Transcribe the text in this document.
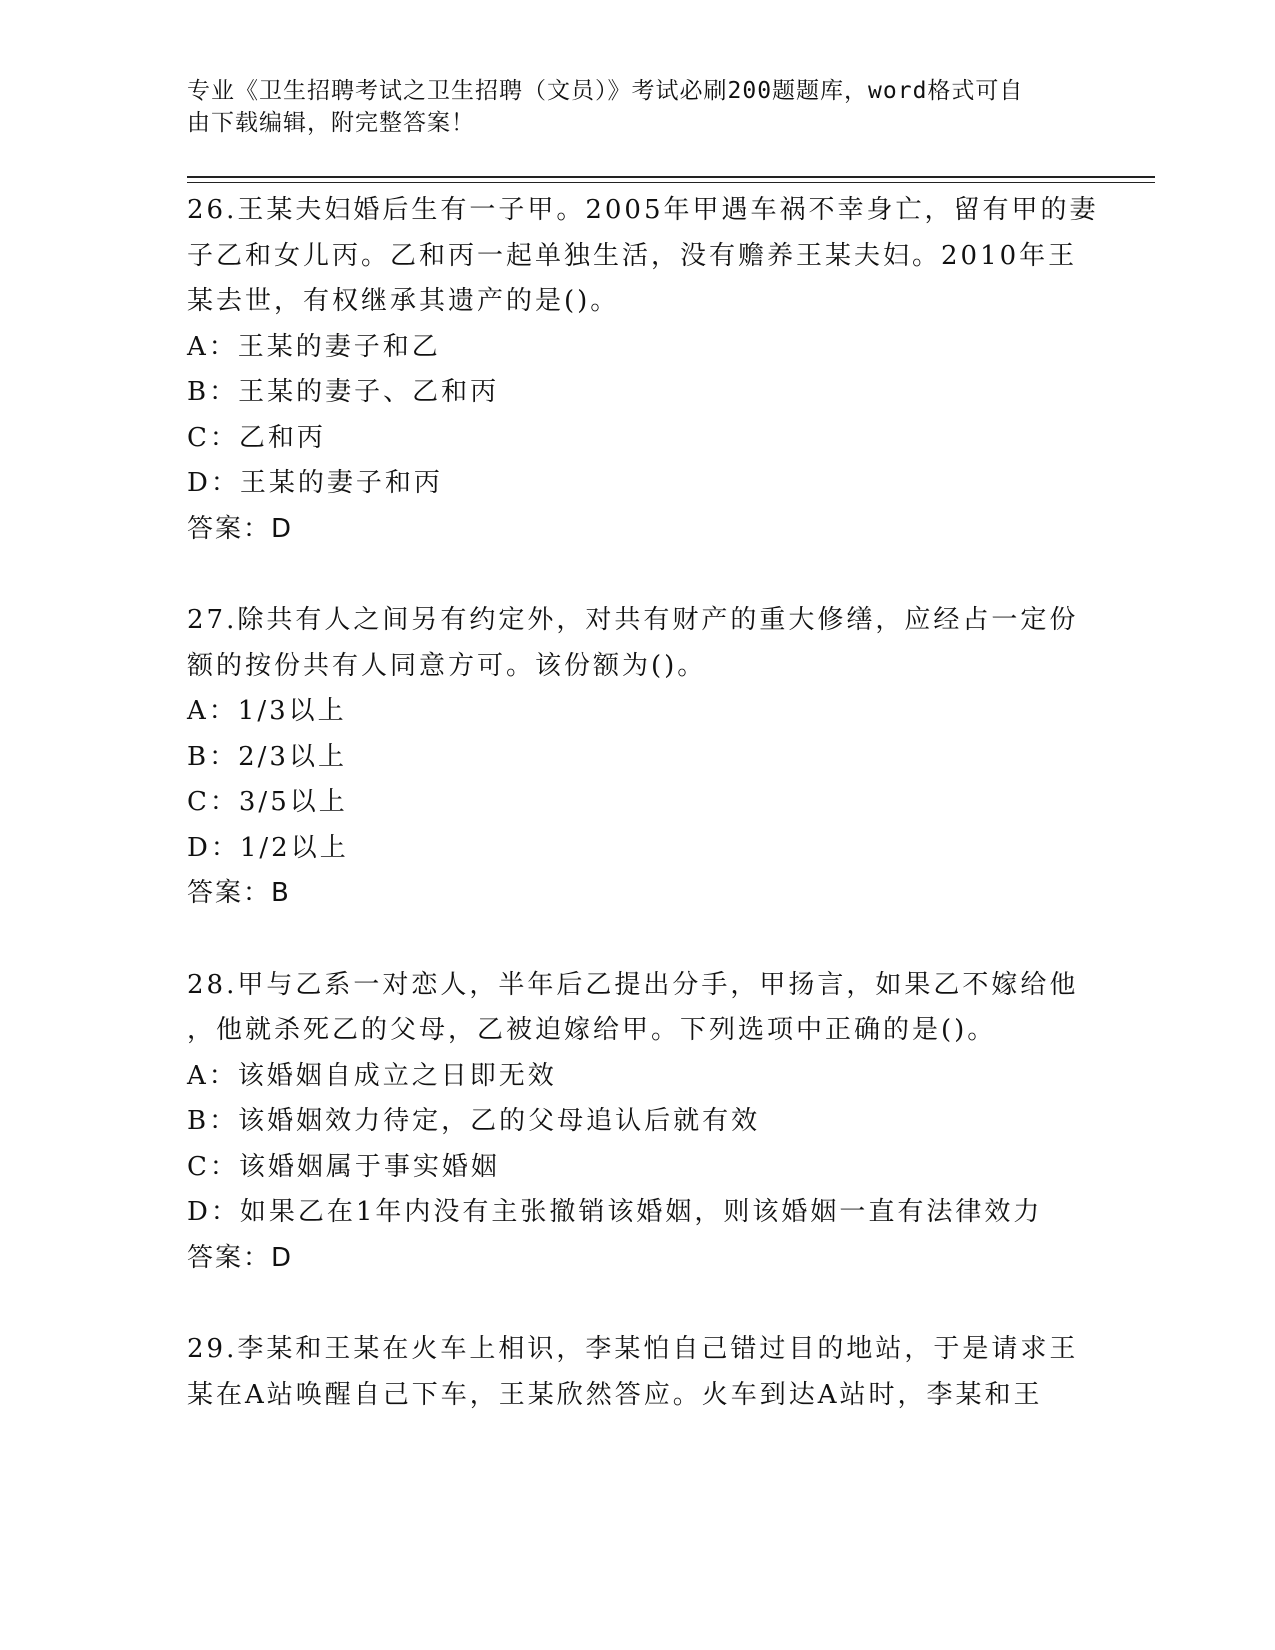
专业《卫生招聘考试之卫生招聘（文员）》考试必刷200题题库，word格式可自
由下载编辑，附完整答案！
26.王某夫妇婚后生有一子甲。2005年甲遇车祸不幸身亡，留有甲的妻
子乙和女儿丙。乙和丙一起单独生活，没有赡养王某夫妇。2010年王
某去世，有权继承其遗产的是()。
A：王某的妻子和乙
B：王某的妻子、乙和丙
C：乙和丙
D：王某的妻子和丙
答案：D
27.除共有人之间另有约定外，对共有财产的重大修缮，应经占一定份
额的按份共有人同意方可。该份额为()。
A：1/3以上
B：2/3以上
C：3/5以上
D：1/2以上
答案：B
28.甲与乙系一对恋人，半年后乙提出分手，甲扬言，如果乙不嫁给他
，他就杀死乙的父母，乙被迫嫁给甲。下列选项中正确的是()。
A：该婚姻自成立之日即无效
B：该婚姻效力待定，乙的父母追认后就有效
C：该婚姻属于事实婚姻
D：如果乙在1年内没有主张撤销该婚姻，则该婚姻一直有法律效力
答案：D
29.李某和王某在火车上相识，李某怕自己错过目的地站，于是请求王
某在A站唤醒自己下车，王某欣然答应。火车到达A站时，李某和王
